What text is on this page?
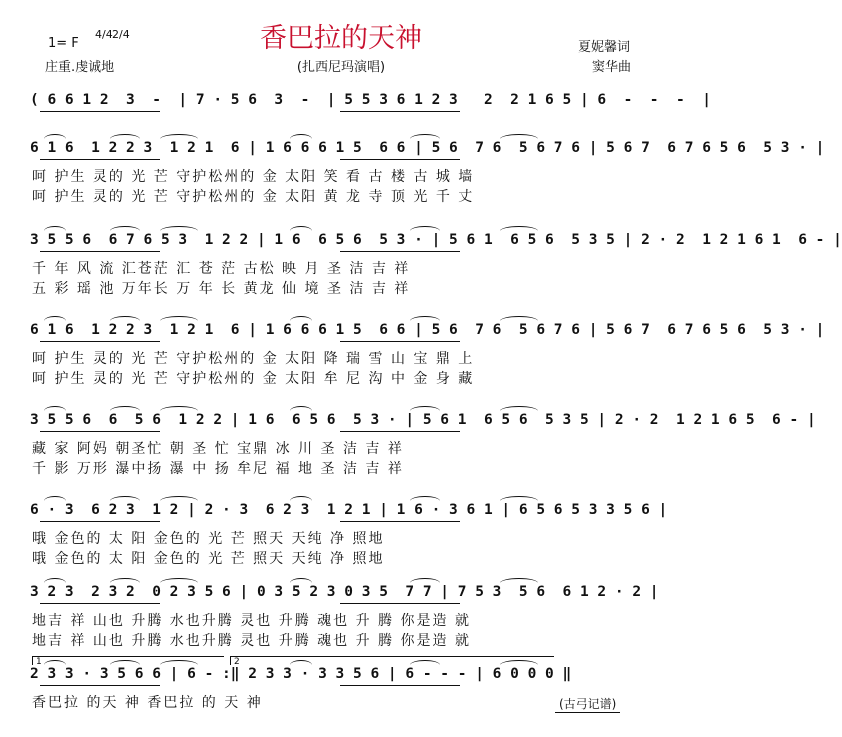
香巴拉的天神
(扎西尼玛演唱)
1= F
4/4 2/4
庄重.虔诚地
夏妮馨词
窦华曲
( 6 6 1 2  3  -  | 7 · 5 6  3  -  | 5 5 3 6 1 2 3   2  2 1 6 5 | 6  -  -  -  |
6 1 6  1 2 2 3  1 2 1  6 | 1 6 6 6 1 5  6 6 | 5 6  7 6  5 6 7 6 | 5 6 7  6 7 6 5 6  5 3 · |
呵 护生 灵的 光 芒 守护松州的 金 太阳 笑 看 古 楼 古 城 墙
呵 护生 灵的 光 芒 守护松州的 金 太阳 黄 龙 寺 顶 光 千 丈
3 5 5 6  6 7 6 5 3  1 2 2 | 1 6  6 5 6  5 3 · | 5 6 1  6 5 6  5 3 5 | 2 · 2  1 2 1 6 1  6 - |
千 年 风 流 汇苍茫 汇 苍 茫 古松 映 月 圣 洁 吉 祥
五 彩 瑶 池 万年长 万 年 长 黄龙 仙 境 圣 洁 吉 祥
6 1 6  1 2 2 3  1 2 1  6 | 1 6 6 6 1 5  6 6 | 5 6  7 6  5 6 7 6 | 5 6 7  6 7 6 5 6  5 3 · |
呵 护生 灵的 光 芒 守护松州的 金 太阳 降 瑞 雪 山 宝 鼎 上
呵 护生 灵的 光 芒 守护松州的 金 太阳 牟 尼 沟 中 金 身 藏
3 5 5 6  6  5 6  1 2 2 | 1 6  6 5 6  5 3 · | 5 6 1  6 5 6  5 3 5 | 2 · 2  1 2 1 6 5  6 - |
藏 家 阿妈 朝圣忙 朝 圣 忙 宝鼎 冰 川 圣 洁 吉 祥
千 影 万形 瀑中扬 瀑 中 扬 牟尼 福 地 圣 洁 吉 祥
6 · 3  6 2 3  1 2 | 2 · 3  6 2 3  1 2 1 | 1 6 · 3 6 1 | 6 5 6 5 3 3 5 6 |
哦 金色的 太 阳 金色的 光 芒 照天 天纯 净 照地
哦 金色的 太 阳 金色的 光 芒 照天 天纯 净 照地
3 2 3  2 3 2  0 2 3 5 6 | 0 3 5 2 3 0 3 5  7 7 | 7 5 3  5 6  6 1 2 · 2 |
地吉 祥 山也 升腾 水也升腾 灵也 升腾 魂也 升 腾 你是造 就
地吉 祥 山也 升腾 水也升腾 灵也 升腾 魂也 升 腾 你是造 就
2 3 3 · 3 5 6 6 | 6 - :‖ 2 3 3 · 3 3 5 6 | 6 - - - | 6 0 0 0 ‖
香巴拉 的天 神 香巴拉 的 天 神
1	2
(古弓记谱)
